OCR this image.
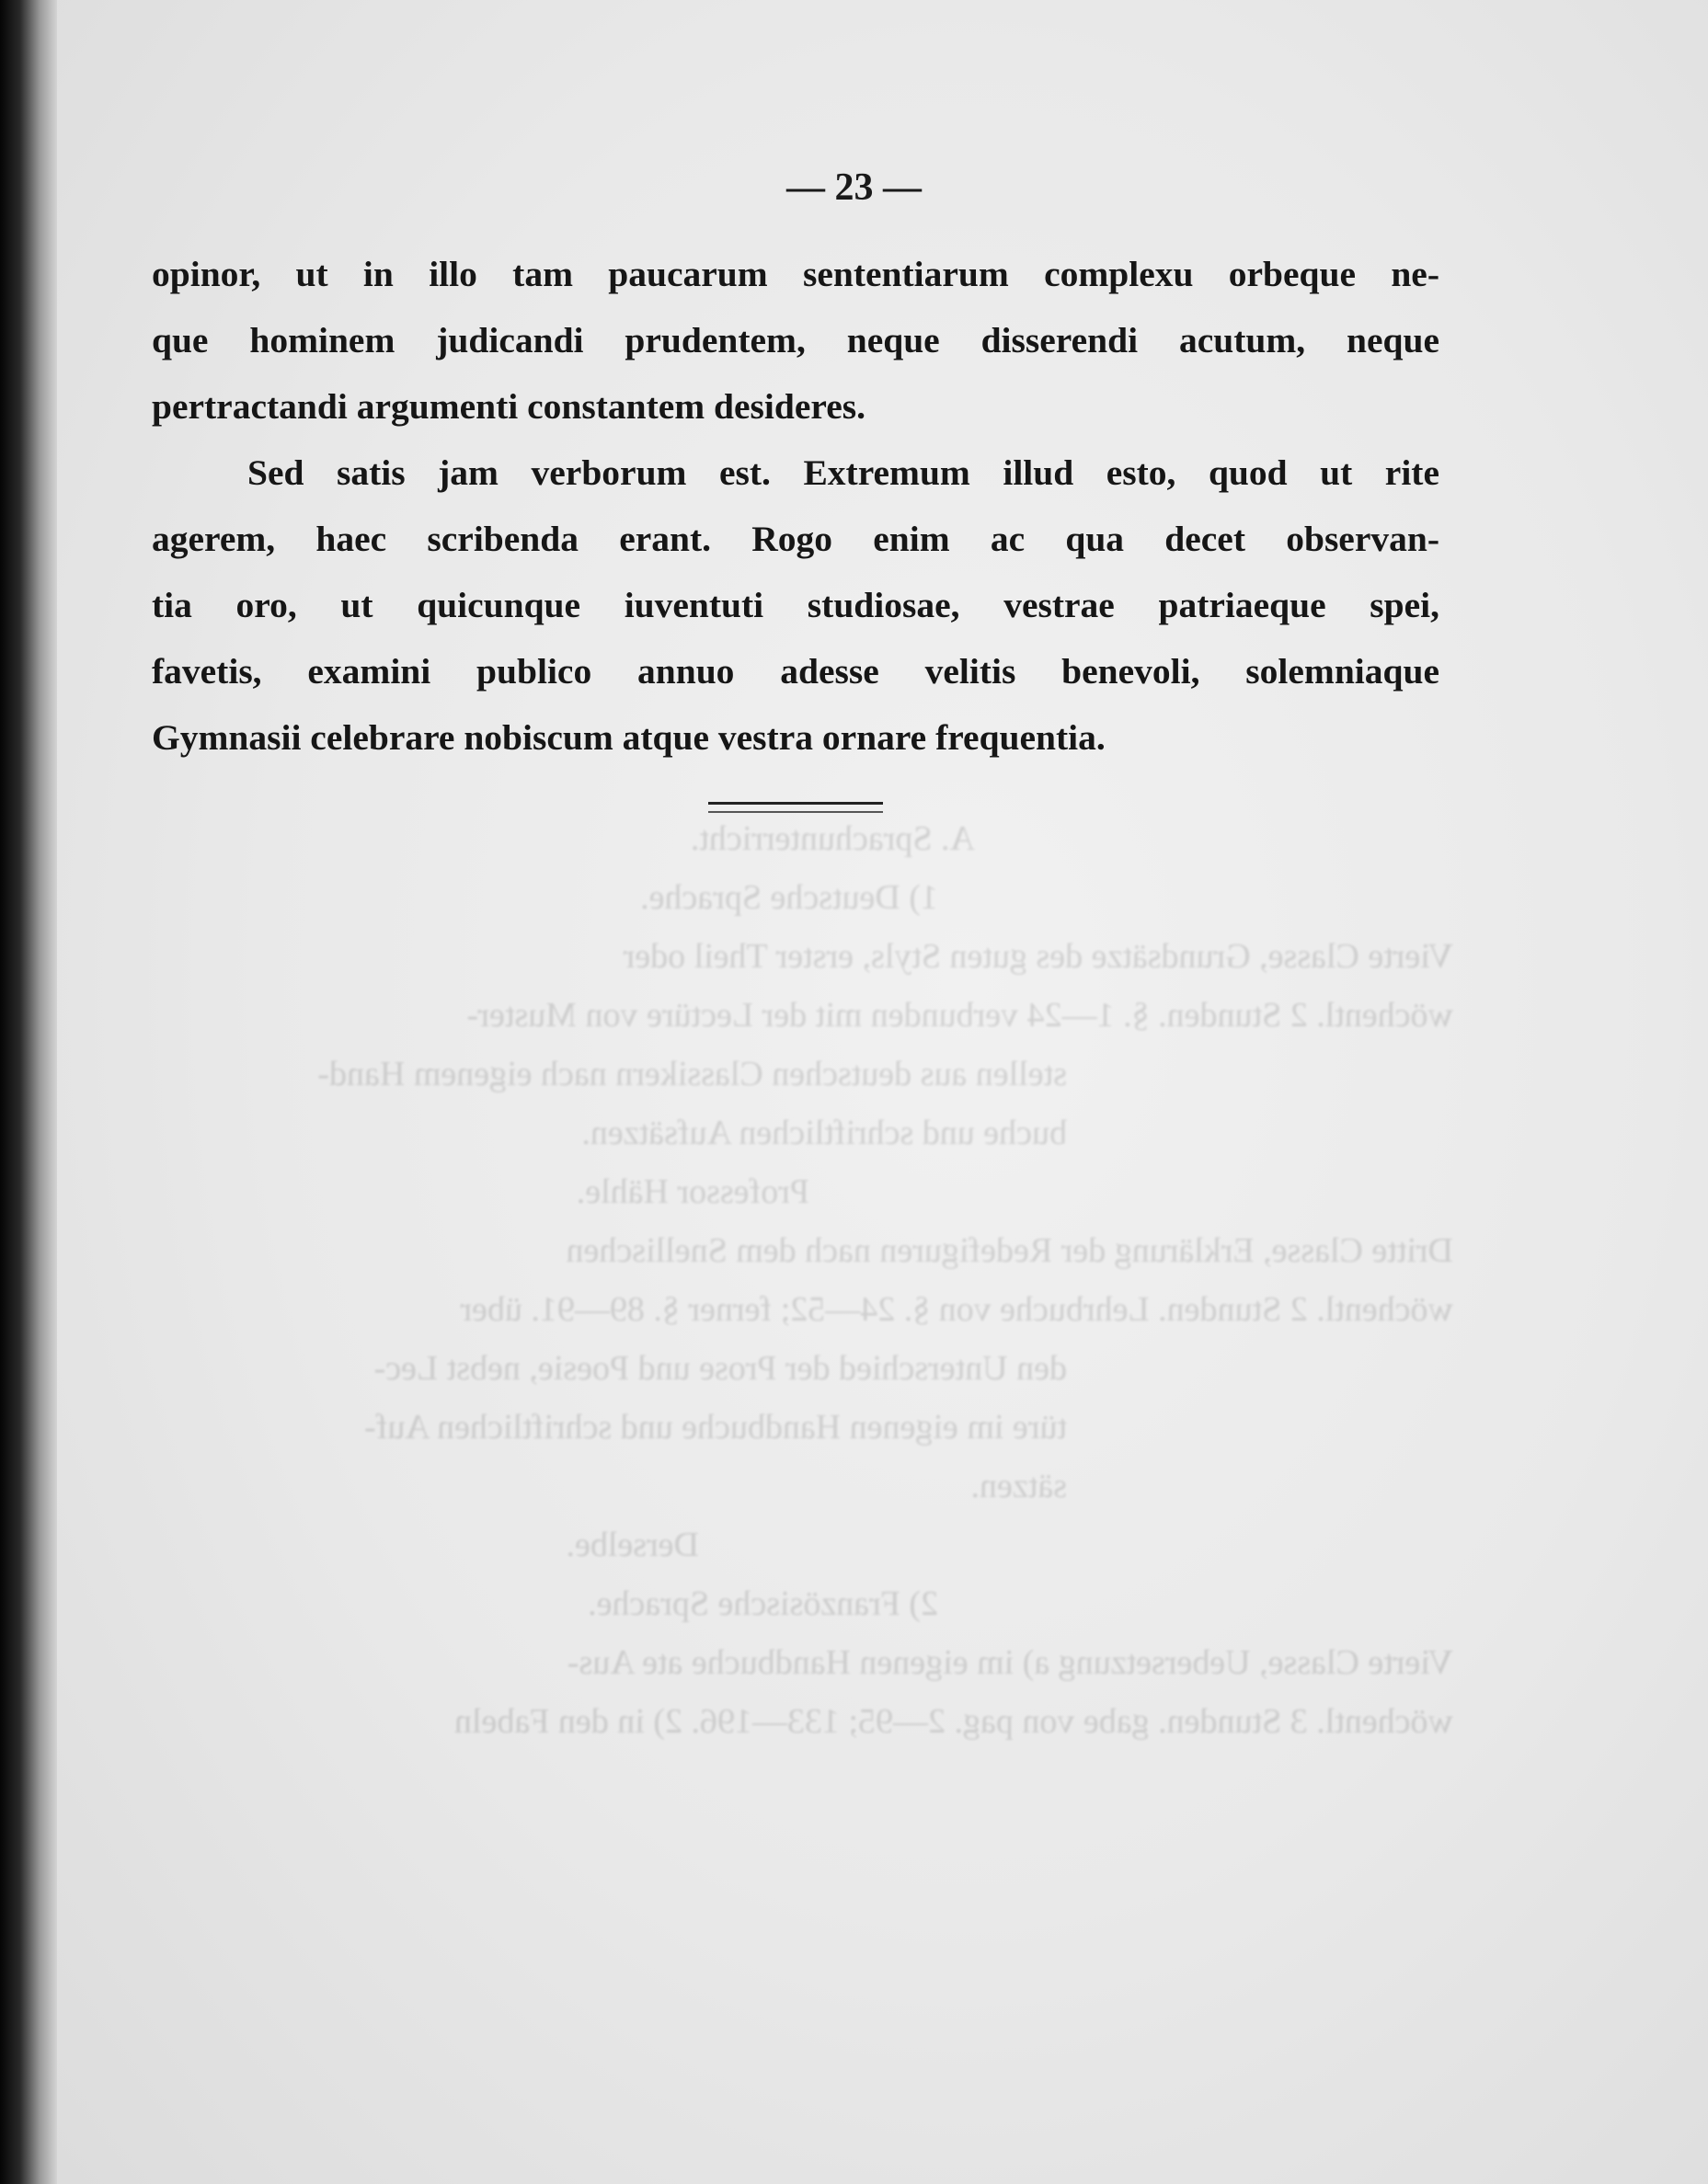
A. Sprachunterricht.
1) Deutsche Sprache.
Vierte Classe, Grundsätze des guten Styls, erster Theil oder
wöchentl. 2 Stunden. §. 1—24 verbunden mit der Lectüre von Muster-
stellen aus deutschen Classikern nach eigenem Hand-
buche und schriftlichen Aufsätzen.
Professor Hähle.
Dritte Classe, Erklärung der Redefiguren nach dem Snellischen
wöchentl. 2 Stunden. Lehrbuche von §. 24—52; ferner §. 89—91. über
den Unterschied der Prose und Poesie, nebst Lec-
türe im eigenen Handbuche und schriftlichen Auf-
sätzen.
Derselbe.
2) Französische Sprache.
Vierte Classe, Uebersetzung a) im eigenen Handbuche ate Aus-
wöchentl. 3 Stunden. gabe von pag. 2—95; 133—196. 2) in den Fabeln
— 23 —

opinor, ut in illo tam paucarum sententiarum complexu orbeque ne-

que hominem judicandi prudentem, neque disserendi acutum, neque

pertractandi argumenti constantem desideres.

Sed satis jam verborum est. Extremum illud esto, quod ut rite

agerem, haec scribenda erant. Rogo enim ac qua decet observan-

tia oro, ut quicunque iuventuti studiosae, vestrae patriaeque spei,

favetis, examini publico annuo adesse velitis benevoli, solemniaque

Gymnasii celebrare nobiscum atque vestra ornare frequentia.
